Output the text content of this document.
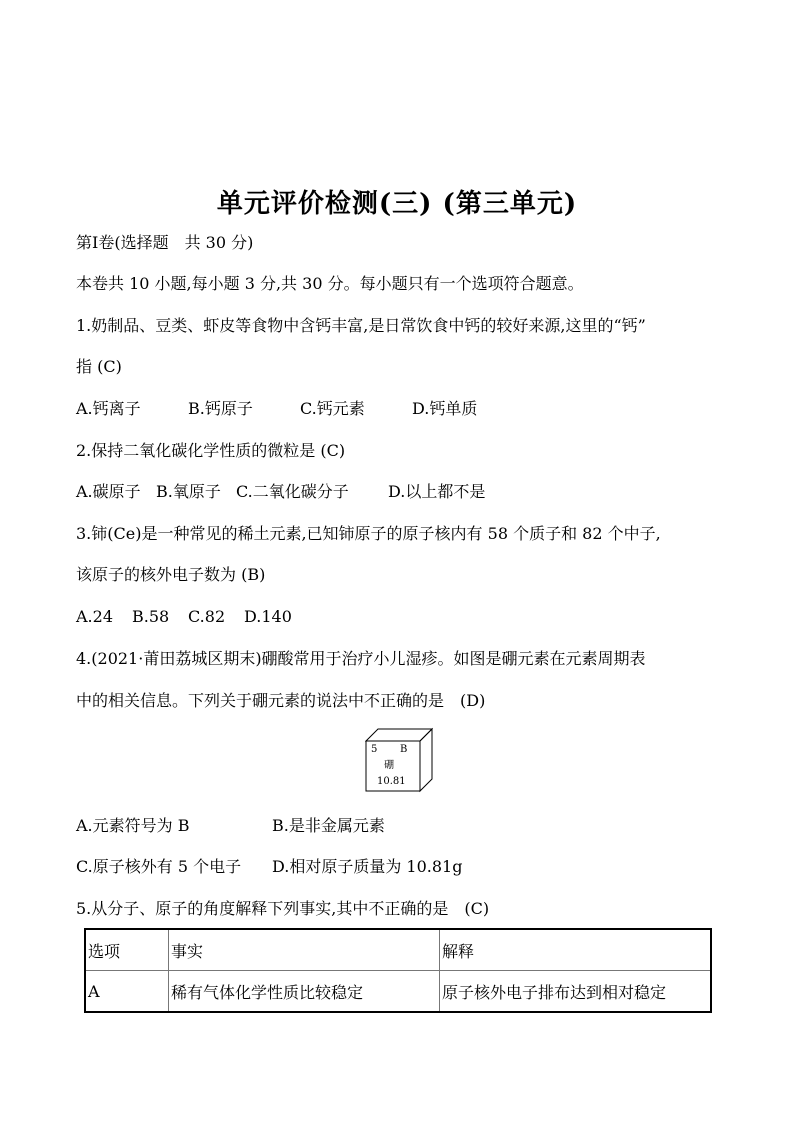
单元评价检测(三) (第三单元)
第Ⅰ卷(选择题　共 30 分)
本卷共 10 小题,每小题 3 分,共 30 分。每小题只有一个选项符合题意。
1.奶制品、豆类、虾皮等食物中含钙丰富,是日常饮食中钙的较好来源,这里的“钙”
指 (C)
A.钙离子	B.钙原子	C.钙元素	D.钙单质
2.保持二氧化碳化学性质的微粒是 (C)
A.碳原子 B.氧原子 C.二氧化碳分子 D.以上都不是
3.铈(Ce)是一种常见的稀土元素,已知铈原子的原子核内有 58 个质子和 82 个中子,
该原子的核外电子数为 (B)
A.24 B.58 C.82 D.140
4.(2021·莆田荔城区期末)硼酸常用于治疗小儿湿疹。如图是硼元素在元素周期表
中的相关信息。下列关于硼元素的说法中不正确的是　(D)
5 B
硼
10.81
A.元素符号为 B	B.是非金属元素
C.原子核外有 5 个电子 D.相对原子质量为 10.81g
5.从分子、原子的角度解释下列事实,其中不正确的是　(C)
选项	事实	解释
A	稀有气体化学性质比较稳定	原子核外电子排布达到相对稳定
